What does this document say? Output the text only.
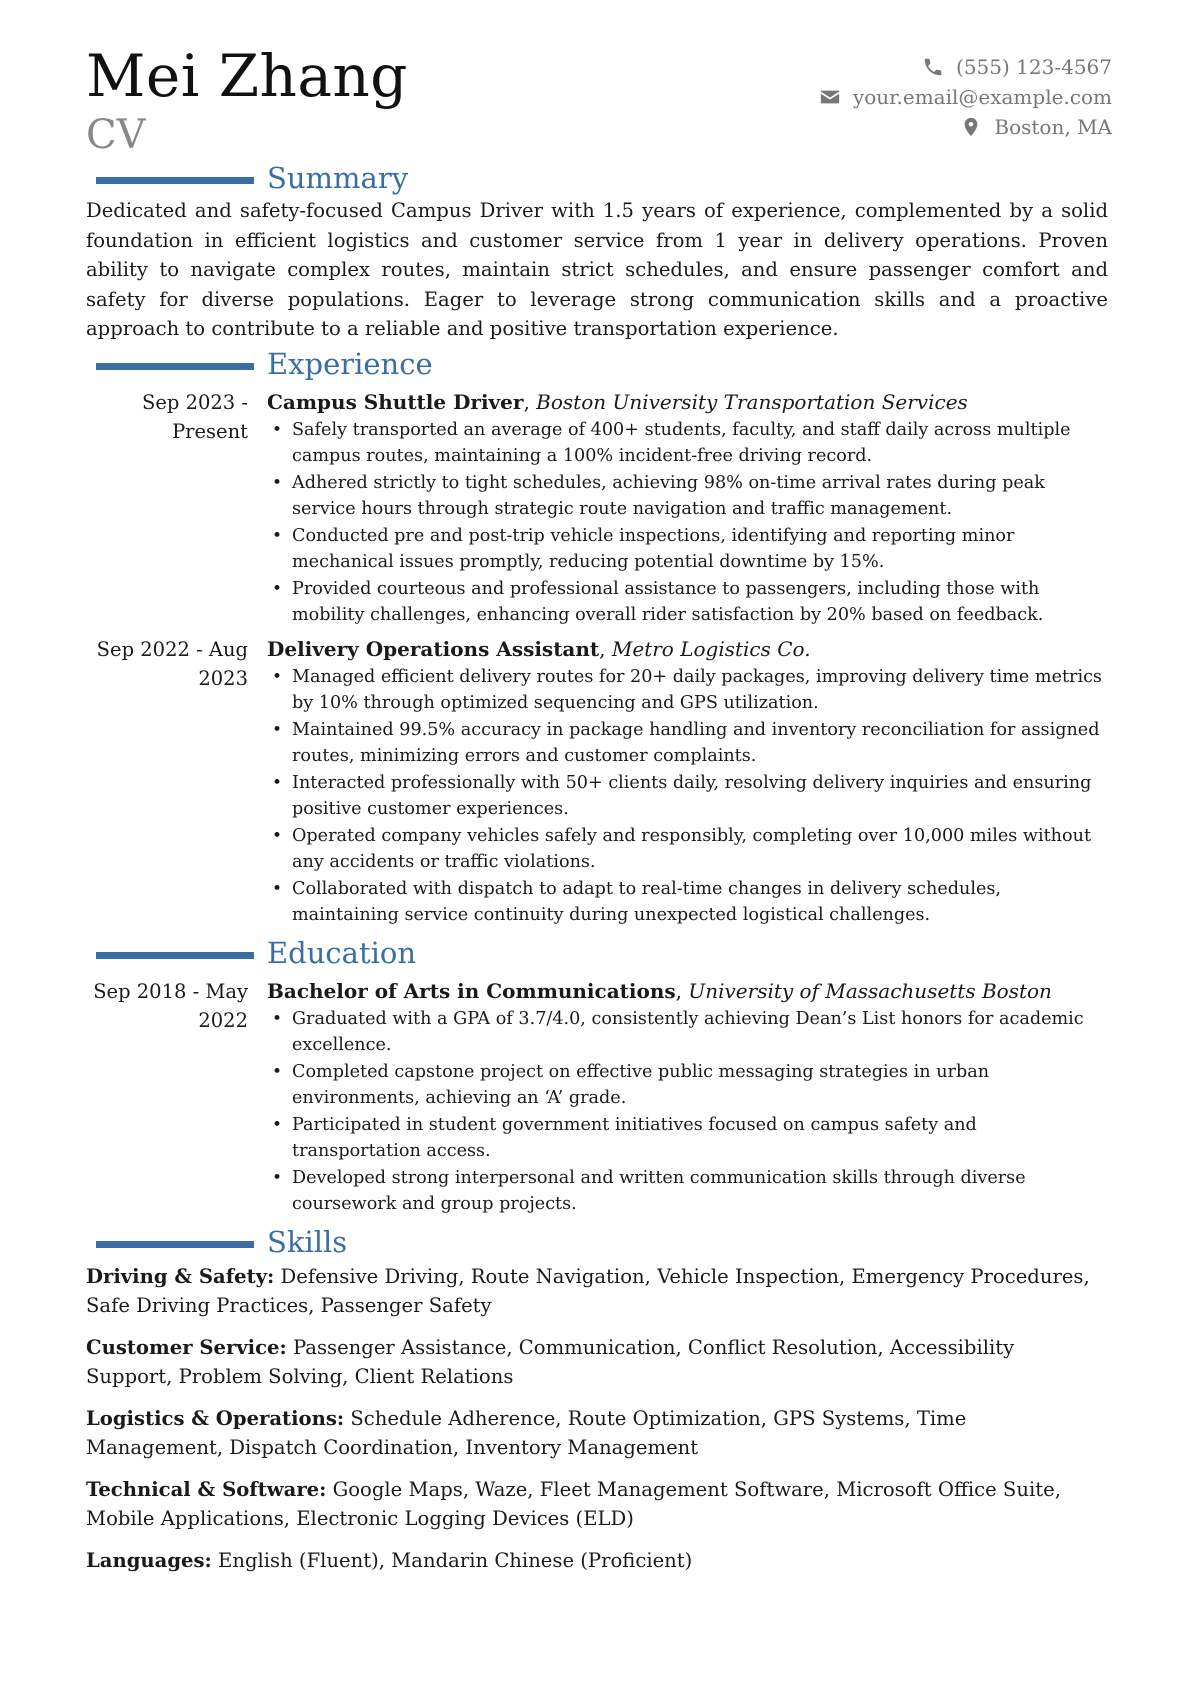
Mei Zhang
CV
(555) 123-4567
your.email@example.com
Boston, MA
Summary

Dedicated and safety-focused Campus Driver with 1.5 years of experience, complemented by a solid foundation in efficient logistics and customer service from 1 year in delivery operations. Proven ability to navigate complex routes, maintain strict schedules, and ensure passenger comfort and safety for diverse populations. Eager to leverage strong communication skills and a proactive approach to contribute to a reliable and positive transportation experience.

Experience
Sep 2023 - Present
Campus Shuttle Driver, Boston University Transportation Services
• Safely transported an average of 400+ students, faculty, and staff daily across multiple campus routes, maintaining a 100% incident-free driving record.
• Adhered strictly to tight schedules, achieving 98% on-time arrival rates during peak service hours through strategic route navigation and traffic management.
• Conducted pre and post-trip vehicle inspections, identifying and reporting minor mechanical issues promptly, reducing potential downtime by 15%.
• Provided courteous and professional assistance to passengers, including those with mobility challenges, enhancing overall rider satisfaction by 20% based on feedback.
Sep 2022 - Aug 2023
Delivery Operations Assistant, Metro Logistics Co.
• Managed efficient delivery routes for 20+ daily packages, improving delivery time metrics by 10% through optimized sequencing and GPS utilization.
• Maintained 99.5% accuracy in package handling and inventory reconciliation for assigned routes, minimizing errors and customer complaints.
• Interacted professionally with 50+ clients daily, resolving delivery inquiries and ensuring positive customer experiences.
• Operated company vehicles safely and responsibly, completing over 10,000 miles without any accidents or traffic violations.
• Collaborated with dispatch to adapt to real-time changes in delivery schedules, maintaining service continuity during unexpected logistical challenges.
Education
Sep 2018 - May 2022
Bachelor of Arts in Communications, University of Massachusetts Boston
• Graduated with a GPA of 3.7/4.0, consistently achieving Dean’s List honors for academic excellence.
• Completed capstone project on effective public messaging strategies in urban environments, achieving an ‘A’ grade.
• Participated in student government initiatives focused on campus safety and transportation access.
• Developed strong interpersonal and written communication skills through diverse coursework and group projects.
Skills
Driving & Safety: Defensive Driving, Route Navigation, Vehicle Inspection, Emergency Procedures, Safe Driving Practices, Passenger Safety
Customer Service: Passenger Assistance, Communication, Conflict Resolution, Accessibility Support, Problem Solving, Client Relations
Logistics & Operations: Schedule Adherence, Route Optimization, GPS Systems, Time Management, Dispatch Coordination, Inventory Management
Technical & Software: Google Maps, Waze, Fleet Management Software, Microsoft Office Suite, Mobile Applications, Electronic Logging Devices (ELD)
Languages: English (Fluent), Mandarin Chinese (Proficient)
